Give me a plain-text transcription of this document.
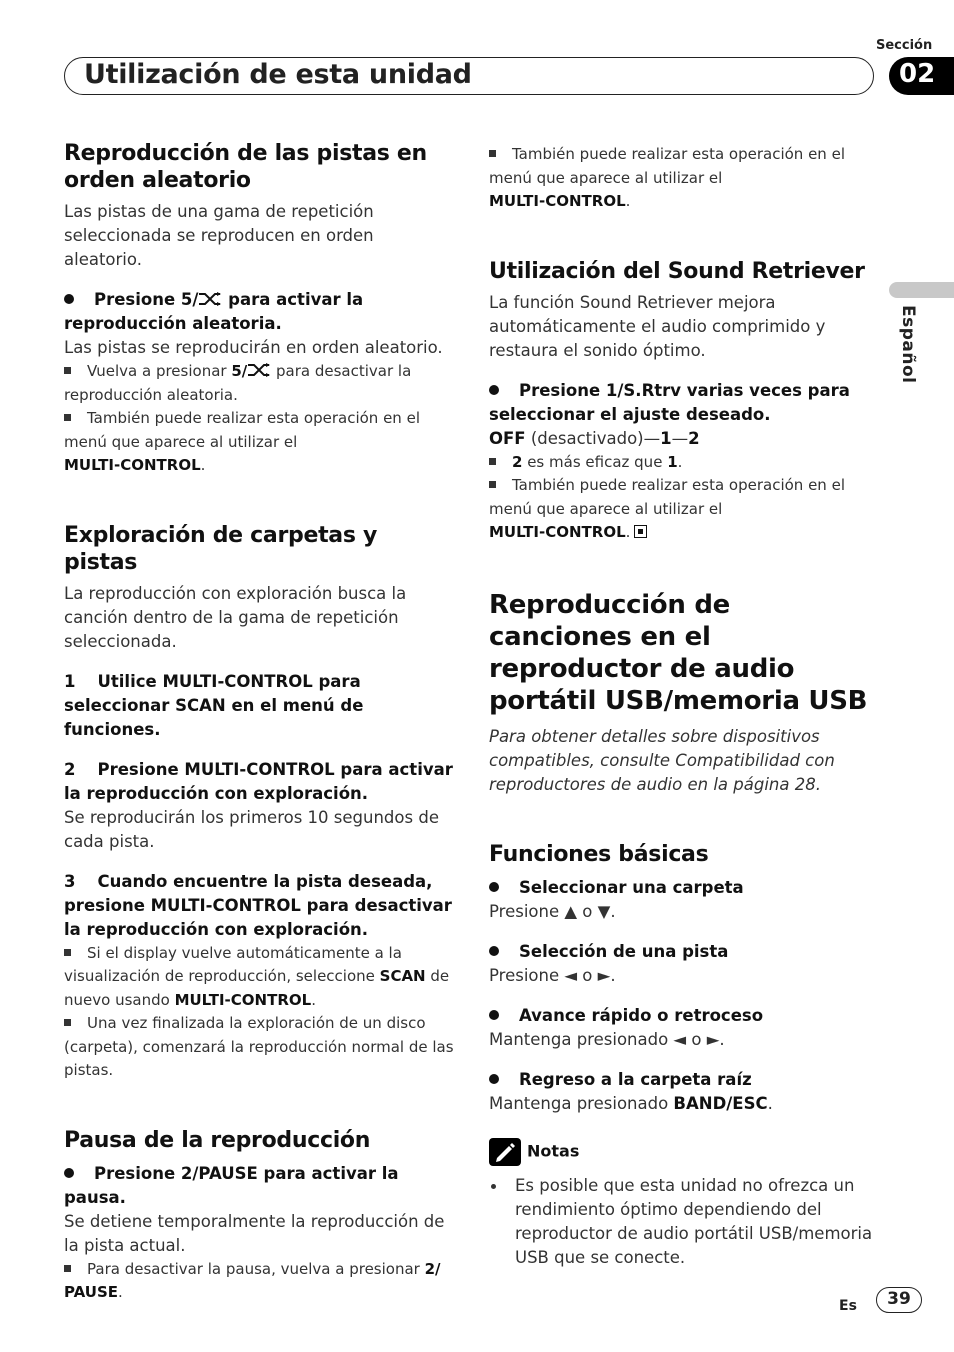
Sección
Utilización de esta unidad	02
Español
Reproducción de las pistas en orden aleatorio

Las pistas de una gama de repetición seleccionada se reproducen en orden aleatorio.

Presione 5/ para activar la reproducción aleatoria.

Las pistas se reproducirán en orden aleatorio.

Vuelva a presionar 5/ para desactivar la reproducción aleatoria.

También puede realizar esta operación en el menú que aparece al utilizar el
MULTI-CONTROL.

Exploración de carpetas y pistas

La reproducción con exploración busca la canción dentro de la gama de repetición seleccionada.

1 Utilice MULTI-CONTROL para seleccionar SCAN en el menú de funciones.

2 Presione MULTI-CONTROL para activar la reproducción con exploración.

Se reproducirán los primeros 10 segundos de cada pista.

3 Cuando encuentre la pista deseada, presione MULTI-CONTROL para desactivar la reproducción con exploración.

Si el display vuelve automáticamente a la visualización de reproducción, seleccione SCAN de nuevo usando MULTI-CONTROL.

Una vez finalizada la exploración de un disco (carpeta), comenzará la reproducción normal de las pistas.

Pausa de la reproducción

Presione 2/PAUSE para activar la pausa.

Se detiene temporalmente la reproducción de la pista actual.

Para desactivar la pausa, vuelva a presionar 2/ PAUSE.

También puede realizar esta operación en el menú que aparece al utilizar el
MULTI-CONTROL.

Utilización del Sound Retriever

La función Sound Retriever mejora automáticamente el audio comprimido y restaura el sonido óptimo.

Presione 1/S.Rtrv varias veces para seleccionar el ajuste deseado.

OFF (desactivado)—1—2

2 es más eficaz que 1.

También puede realizar esta operación en el menú que aparece al utilizar el
MULTI-CONTROL.

Reproducción de canciones en el reproductor de audio portátil USB/memoria USB

Para obtener detalles sobre dispositivos compatibles, consulte Compatibilidad con reproductores de audio en la página 28.

Funciones básicas

Seleccionar una carpeta

Presione ▲ o ▼.

Selección de una pista

Presione ◄ o ►.

Avance rápido o retroceso

Mantenga presionado ◄ o ►.

Regreso a la carpeta raíz

Mantenga presionado BAND/ESC.

Notas

Es posible que esta unidad no ofrezca un rendimiento óptimo dependiendo del reproductor de audio portátil USB/memoria USB que se conecte.

Es	39
